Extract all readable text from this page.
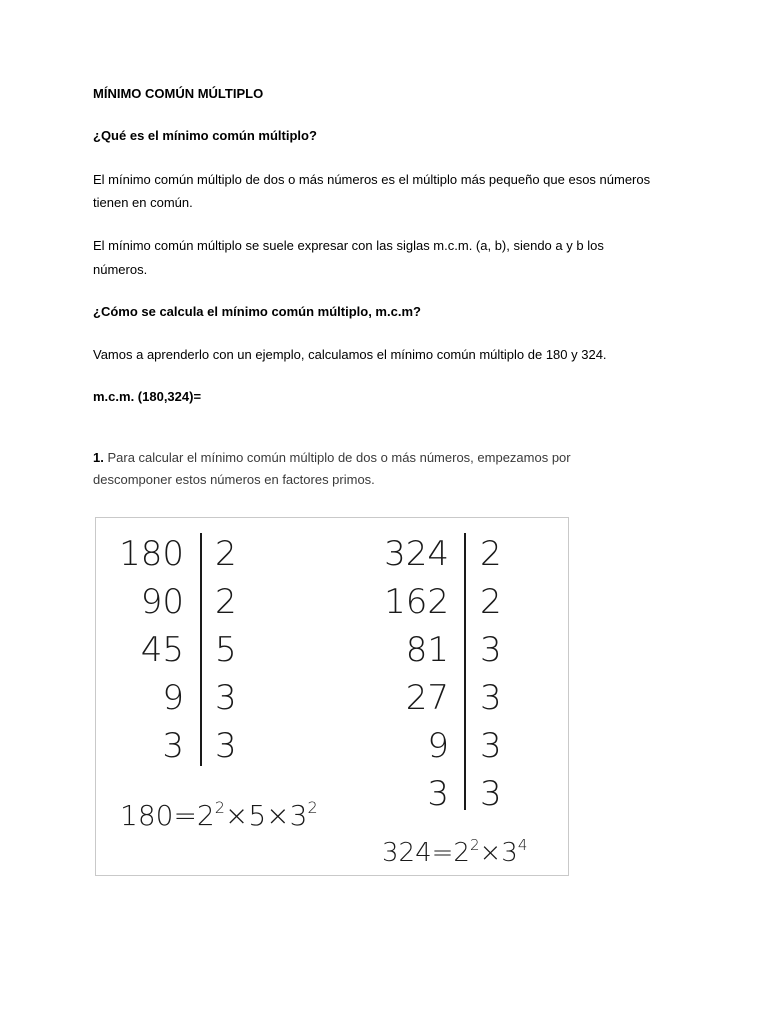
MÍNIMO COMÚN MÚLTIPLO
¿Qué es el mínimo común múltiplo?
El mínimo común múltiplo de dos o más números es el múltiplo más pequeño que esos números
tienen en común.
El mínimo común múltiplo se suele expresar con las siglas m.c.m. (a, b), siendo a y b los
números.
¿Cómo se calcula el mínimo común múltiplo, m.c.m?
Vamos a aprenderlo con un ejemplo, calculamos el mínimo común múltiplo de 180 y 324.
m.c.m. (180,324)=
1. Para calcular el mínimo común múltiplo de dos o más números, empezamos por
descomponer estos números en factores primos.
180
90
45
9
3
2
2
5
3
3
$180=2^2\times 5\times 3^2$
324
162
81
27
9
3
2
2
3
3
3
3
$324=2^2\times 3^4$
